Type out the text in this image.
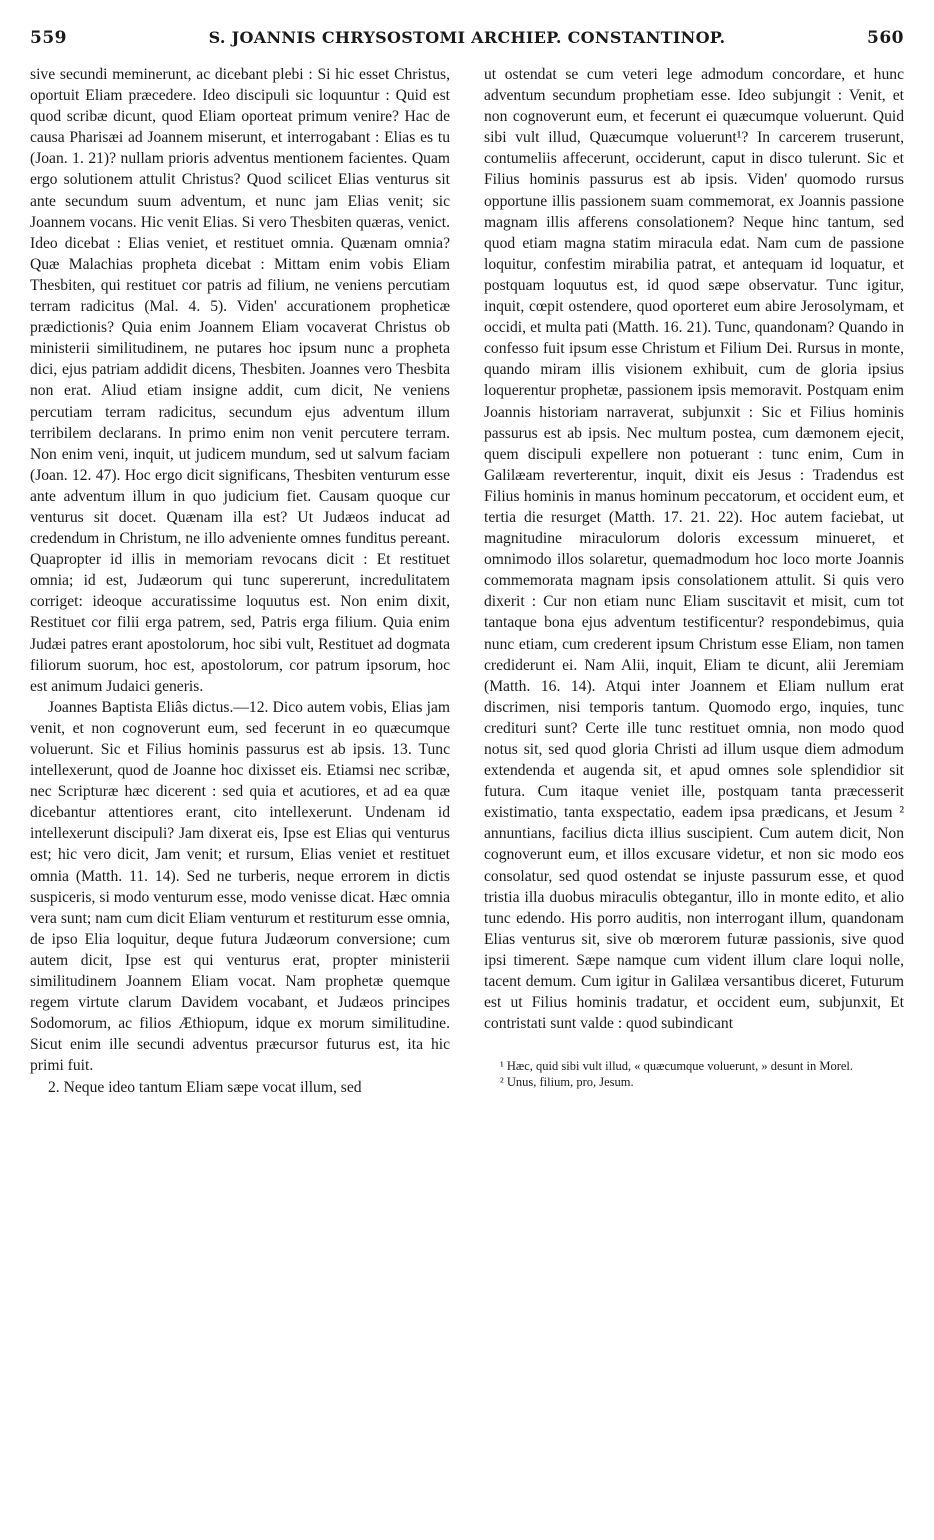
559	S. JOANNIS CHRYSOSTOMI ARCHIEP. CONSTANTINOP.	560

sive secundi meminerunt, ac dicebant plebi : Si hic esset Christus, oportuit Eliam præcedere. Ideo discipuli sic loquuntur : Quid est quod scribæ dicunt, quod Eliam oporteat primum venire? Hac de causa Pharisæi ad Joannem miserunt, et interrogabant : Elias es tu (Joan. 1. 21)? nullam prioris adventus mentionem facientes. Quam ergo solutionem attulit Christus? Quod scilicet Elias venturus sit ante secundum suum adventum, et nunc jam Elias venit; sic Joannem vocans. Hic venit Elias. Si vero Thesbiten quæras, venict. Ideo dicebat : Elias veniet, et restituet omnia. Quænam omnia? Quæ Malachias propheta dicebat : Mittam enim vobis Eliam Thesbiten, qui restituet cor patris ad filium, ne veniens percutiam terram radicitus (Mal. 4. 5). Viden' accurationem propheticæ prædictionis? Quia enim Joannem Eliam vocaverat Christus ob ministerii similitudinem, ne putares hoc ipsum nunc a propheta dici, ejus patriam addidit dicens, Thesbiten. Joannes vero Thesbita non erat. Aliud etiam insigne addit, cum dicit, Ne veniens percutiam terram radicitus, secundum ejus adventum illum terribilem declarans. In primo enim non venit percutere terram. Non enim veni, inquit, ut judicem mundum, sed ut salvum faciam (Joan. 12. 47). Hoc ergo dicit significans, Thesbiten venturum esse ante adventum illum in quo judicium fiet. Causam quoque cur venturus sit docet. Quænam illa est? Ut Judæos inducat ad credendum in Christum, ne illo adveniente omnes funditus pereant. Quapropter id illis in memoriam revocans dicit : Et restituet omnia; id est, Judæorum qui tunc supererunt, incredulitatem corriget: ideoque accuratissime loquutus est. Non enim dixit, Restituet cor filii erga patrem, sed, Patris erga filium. Quia enim Judæi patres erant apostolorum, hoc sibi vult, Restituet ad dogmata filiorum suorum, hoc est, apostolorum, cor patrum ipsorum, hoc est animum Judaici generis.

Joannes Baptista Eliâs dictus.—12. Dico autem vobis, Elias jam venit, et non cognoverunt eum, sed fecerunt in eo quæcumque voluerunt. Sic et Filius hominis passurus est ab ipsis. 13. Tunc intellexerunt, quod de Joanne hoc dixisset eis. Etiamsi nec scribæ, nec Scripturæ hæc dicerent : sed quia et acutiores, et ad ea quæ dicebantur attentiores erant, cito intellexerunt. Undenam id intellexerunt discipuli? Jam dixerat eis, Ipse est Elias qui venturus est; hic vero dicit, Jam venit; et rursum, Elias veniet et restituet omnia (Matth. 11. 14). Sed ne turberis, neque errorem in dictis suspiceris, si modo venturum esse, modo venisse dicat. Hæc omnia vera sunt; nam cum dicit Eliam venturum et restiturum esse omnia, de ipso Elia loquitur, deque futura Judæorum conversione; cum autem dicit, Ipse est qui venturus erat, propter ministerii similitudinem Joannem Eliam vocat. Nam prophetæ quemque regem virtute clarum Davidem vocabant, et Judæos principes Sodomorum, ac filios Æthiopum, idque ex morum similitudine. Sicut enim ille secundi adventus præcursor futurus est, ita hic primi fuit.

2. Neque ideo tantum Eliam sæpe vocat illum, sed

ut ostendat se cum veteri lege admodum concordare, et hunc adventum secundum prophetiam esse. Ideo subjungit : Venit, et non cognoverunt eum, et fecerunt ei quæcumque voluerunt. Quid sibi vult illud, Quæcumque voluerunt¹? In carcerem truserunt, contumeliis affecerunt, occiderunt, caput in disco tulerunt. Sic et Filius hominis passurus est ab ipsis. Viden' quomodo rursus opportune illis passionem suam commemorat, ex Joannis passione magnam illis afferens consolationem? Neque hinc tantum, sed quod etiam magna statim miracula edat. Nam cum de passione loquitur, confestim mirabilia patrat, et antequam id loquatur, et postquam loquutus est, id quod sæpe observatur. Tunc igitur, inquit, cœpit ostendere, quod oporteret eum abire Jerosolymam, et occidi, et multa pati (Matth. 16. 21). Tunc, quandonam? Quando in confesso fuit ipsum esse Christum et Filium Dei. Rursus in monte, quando miram illis visionem exhibuit, cum de gloria ipsius loquerentur prophetæ, passionem ipsis memoravit. Postquam enim Joannis historiam narraverat, subjunxit : Sic et Filius hominis passurus est ab ipsis. Nec multum postea, cum dæmonem ejecit, quem discipuli expellere non potuerant : tunc enim, Cum in Galilæam reverterentur, inquit, dixit eis Jesus : Tradendus est Filius hominis in manus hominum peccatorum, et occident eum, et tertia die resurget (Matth. 17. 21. 22). Hoc autem faciebat, ut magnitudine miraculorum doloris excessum minueret, et omnimodo illos solaretur, quemadmodum hoc loco morte Joannis commemorata magnam ipsis consolationem attulit. Si quis vero dixerit : Cur non etiam nunc Eliam suscitavit et misit, cum tot tantaque bona ejus adventum testificentur? respondebimus, quia nunc etiam, cum crederent ipsum Christum esse Eliam, non tamen crediderunt ei. Nam Alii, inquit, Eliam te dicunt, alii Jeremiam (Matth. 16. 14). Atqui inter Joannem et Eliam nullum erat discrimen, nisi temporis tantum. Quomodo ergo, inquies, tunc credituri sunt? Certe ille tunc restituet omnia, non modo quod notus sit, sed quod gloria Christi ad illum usque diem admodum extendenda et augenda sit, et apud omnes sole splendidior sit futura. Cum itaque veniet ille, postquam tanta præcesserit existimatio, tanta exspectatio, eadem ipsa prædicans, et Jesum ² annuntians, facilius dicta illius suscipient. Cum autem dicit, Non cognoverunt eum, et illos excusare videtur, et non sic modo eos consolatur, sed quod ostendat se injuste passurum esse, et quod tristia illa duobus miraculis obtegantur, illo in monte edito, et alio tunc edendo. His porro auditis, non interrogant illum, quandonam Elias venturus sit, sive ob mœrorem futuræ passionis, sive quod ipsi timerent. Sæpe namque cum vident illum clare loqui nolle, tacent demum. Cum igitur in Galilæa versantibus diceret, Futurum est ut Filius hominis tradatur, et occident eum, subjunxit, Et contristati sunt valde : quod subindicant

¹ Hæc, quid sibi vult illud, « quæcumque voluerunt, » desunt in Morel.

² Unus, filium, pro, Jesum.
